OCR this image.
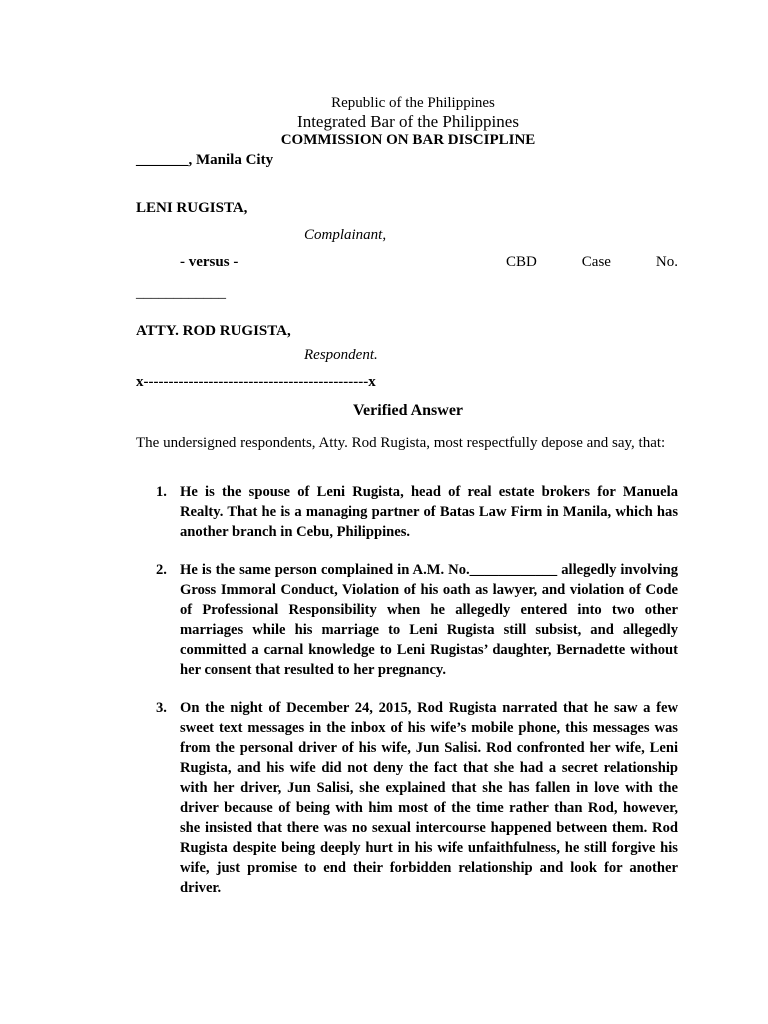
Republic of the Philippines
Integrated Bar of the Philippines
COMMISSION ON BAR DISCIPLINE
_______, Manila City
LENI RUGISTA,
Complainant,
- versus -	CBD	Case	No.
____________
ATTY. ROD RUGISTA,
Respondent.
x---------------------------------------------x
Verified Answer
The undersigned respondents, Atty. Rod Rugista, most respectfully depose and say, that:
1. He is the spouse of Leni Rugista, head of real estate brokers for Manuela Realty. That he is a managing partner of Batas Law Firm in Manila, which has another branch in Cebu, Philippines.
2. He is the same person complained in A.M. No.____________ allegedly involving Gross Immoral Conduct, Violation of his oath as lawyer, and violation of Code of Professional Responsibility when he allegedly entered into two other marriages while his marriage to Leni Rugista still subsist, and allegedly committed a carnal knowledge to Leni Rugistas’ daughter, Bernadette without her consent that resulted to her pregnancy.
3. On the night of December 24, 2015, Rod Rugista narrated that he saw a few sweet text messages in the inbox of his wife’s mobile phone, this messages was from the personal driver of his wife, Jun Salisi. Rod confronted her wife, Leni Rugista, and his wife did not deny the fact that she had a secret relationship with her driver, Jun Salisi, she explained that she has fallen in love with the driver because of being with him most of the time rather than Rod, however, she insisted that there was no sexual intercourse happened between them. Rod Rugista despite being deeply hurt in his wife unfaithfulness, he still forgive his wife, just promise to end their forbidden relationship and look for another driver.
